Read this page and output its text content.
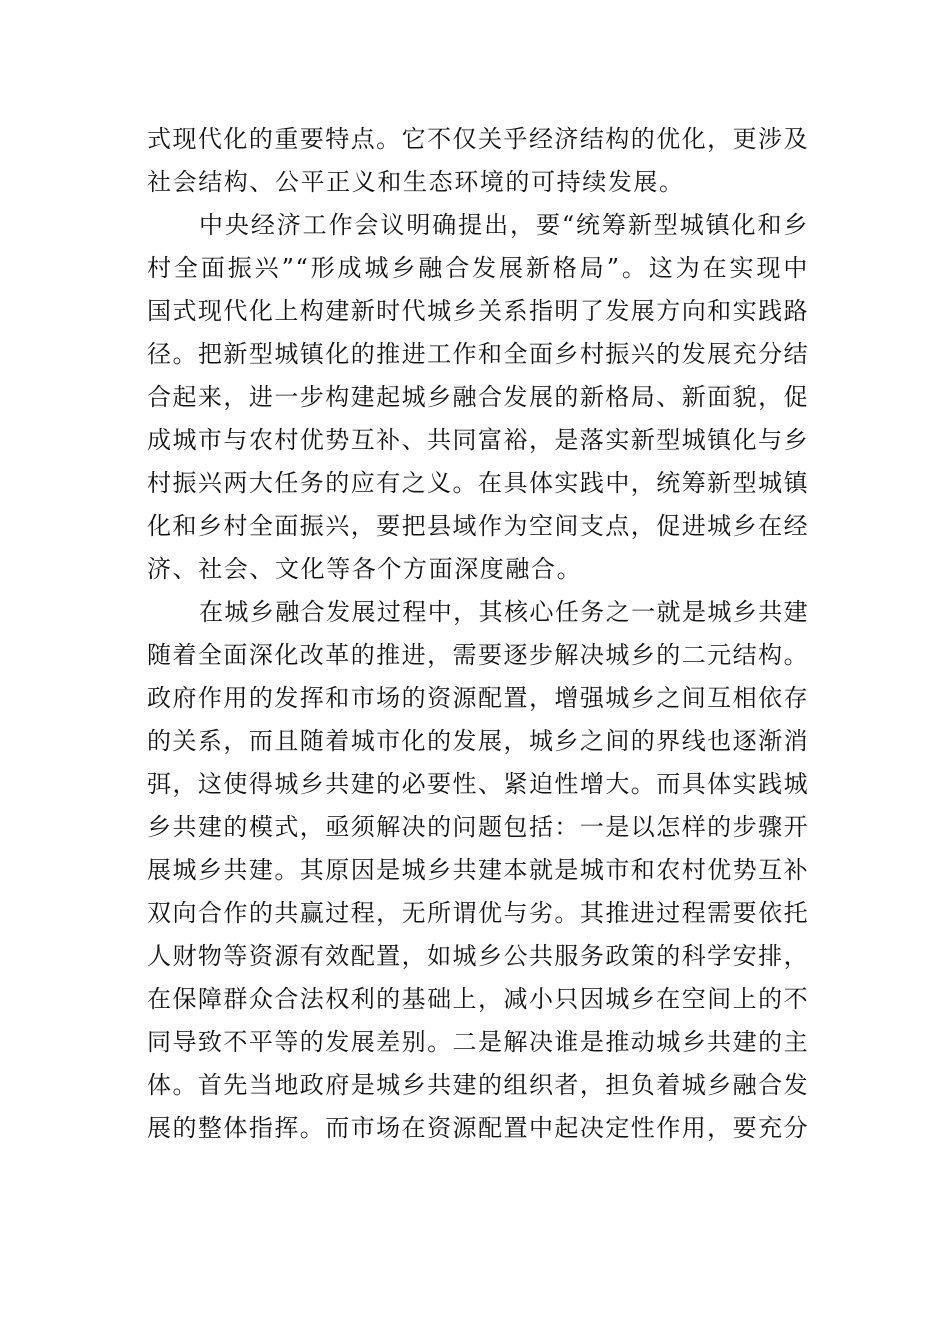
式现代化的重要特点。它不仅关乎经济结构的优化，更涉及
社会结构、公平正义和生态环境的可持续发展。
中央经济工作会议明确提出，要“统筹新型城镇化和乡
村全面振兴”“形成城乡融合发展新格局”。这为在实现中
国式现代化上构建新时代城乡关系指明了发展方向和实践路
径。把新型城镇化的推进工作和全面乡村振兴的发展充分结
合起来，进一步构建起城乡融合发展的新格局、新面貌，促
成城市与农村优势互补、共同富裕，是落实新型城镇化与乡
村振兴两大任务的应有之义。在具体实践中，统筹新型城镇
化和乡村全面振兴，要把县域作为空间支点，促进城乡在经
济、社会、文化等各个方面深度融合。
在城乡融合发展过程中，其核心任务之一就是城乡共建
随着全面深化改革的推进，需要逐步解决城乡的二元结构。
政府作用的发挥和市场的资源配置，增强城乡之间互相依存
的关系，而且随着城市化的发展，城乡之间的界线也逐渐消
弭，这使得城乡共建的必要性、紧迫性增大。而具体实践城
乡共建的模式，亟须解决的问题包括：一是以怎样的步骤开
展城乡共建。其原因是城乡共建本就是城市和农村优势互补
双向合作的共赢过程，无所谓优与劣。其推进过程需要依托
人财物等资源有效配置，如城乡公共服务政策的科学安排，
在保障群众合法权利的基础上，减小只因城乡在空间上的不
同导致不平等的发展差别。二是解决谁是推动城乡共建的主
体。首先当地政府是城乡共建的组织者，担负着城乡融合发
展的整体指挥。而市场在资源配置中起决定性作用，要充分
